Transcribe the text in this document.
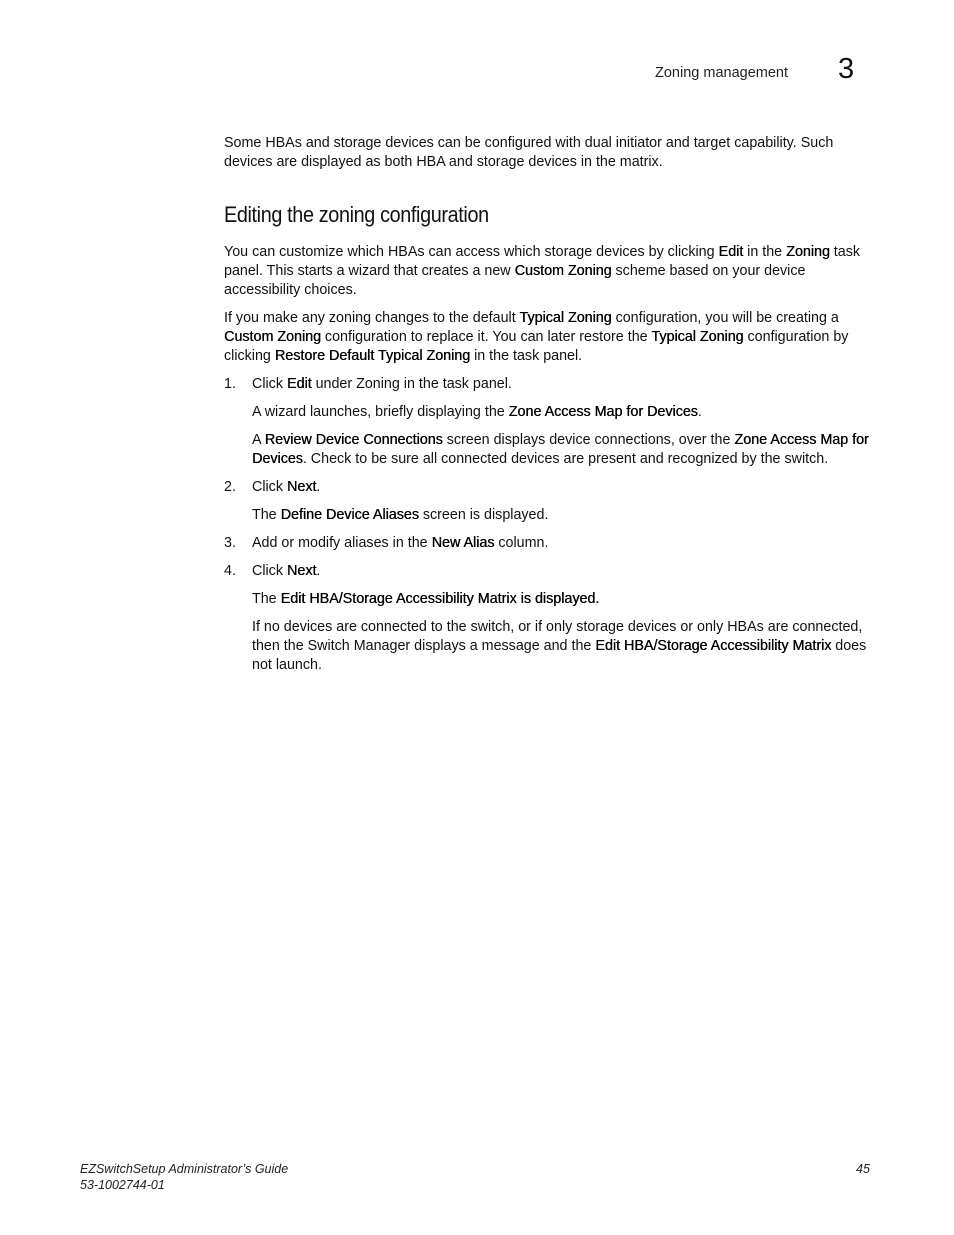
Zoning management 3

Some HBAs and storage devices can be configured with dual initiator and target capability. Such devices are displayed as both HBA and storage devices in the matrix.

Editing the zoning configuration

You can customize which HBAs can access which storage devices by clicking Edit in the Zoning task panel. This starts a wizard that creates a new Custom Zoning scheme based on your device accessibility choices.

If you make any zoning changes to the default Typical Zoning configuration, you will be creating a Custom Zoning configuration to replace it. You can later restore the Typical Zoning configuration by clicking Restore Default Typical Zoning in the task panel.

1. Click Edit under Zoning in the task panel.

A wizard launches, briefly displaying the Zone Access Map for Devices.

A Review Device Connections screen displays device connections, over the Zone Access Map for Devices. Check to be sure all connected devices are present and recognized by the switch.

2. Click Next.

The Define Device Aliases screen is displayed.

3. Add or modify aliases in the New Alias column.

4. Click Next.

The Edit HBA/Storage Accessibility Matrix is displayed.

If no devices are connected to the switch, or if only storage devices or only HBAs are connected, then the Switch Manager displays a message and the Edit HBA/Storage Accessibility Matrix does not launch.

EZSwitchSetup Administrator’s Guide
53-1002744-01
45
